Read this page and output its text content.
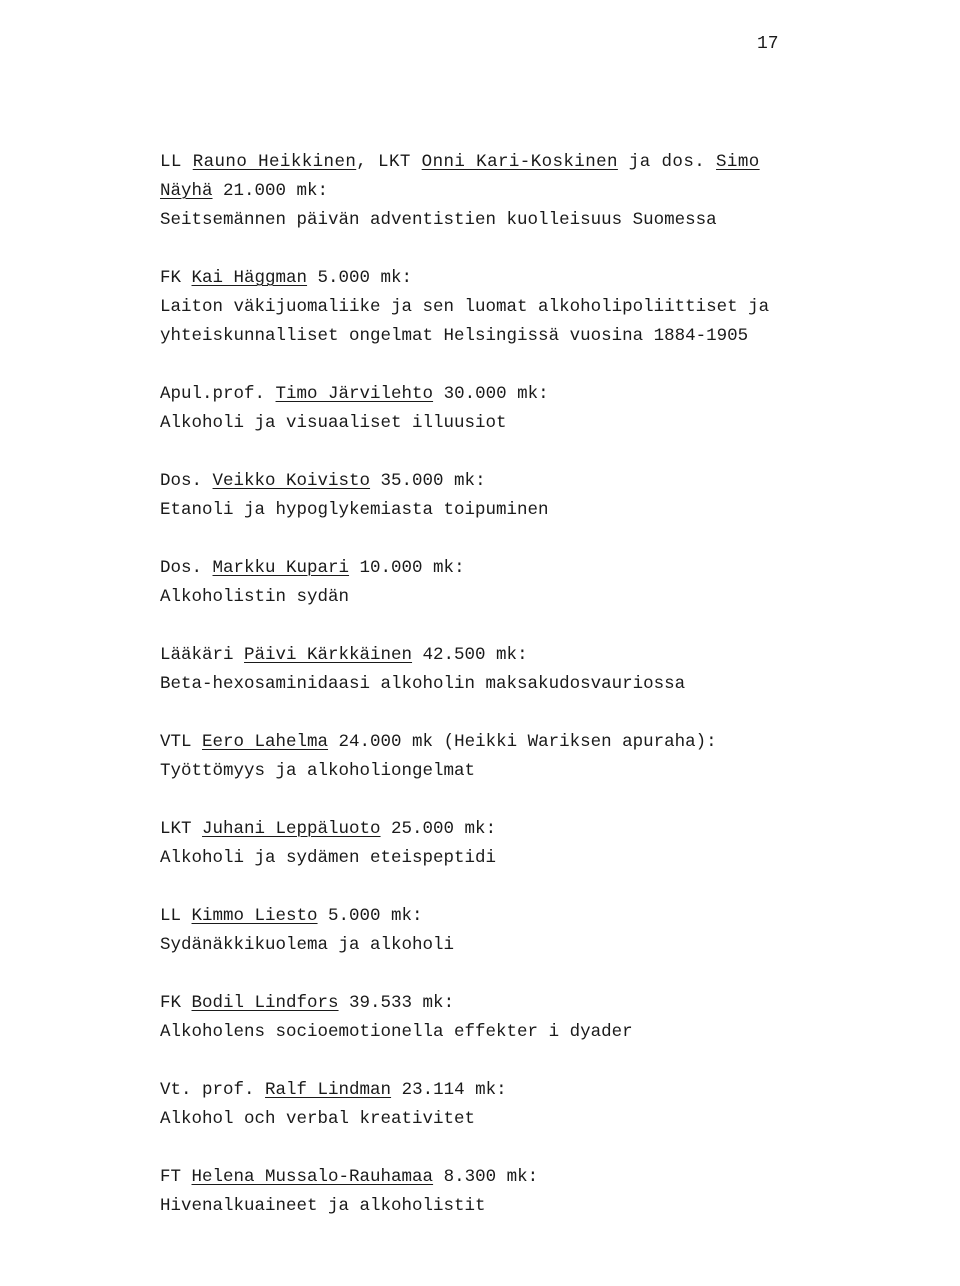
17
LL Rauno Heikkinen, LKT Onni Kari-Koskinen ja dos. Simo
Näyhä 21.000 mk:
Seitsemännen päivän adventistien kuolleisuus Suomessa
FK Kai Häggman 5.000 mk:
Laiton väkijuomaliike ja sen luomat alkoholipoliittiset ja
yhteiskunnalliset ongelmat Helsingissä vuosina 1884-1905
Apul.prof. Timo Järvilehto 30.000 mk:
Alkoholi ja visuaaliset illuusiot
Dos. Veikko Koivisto 35.000 mk:
Etanoli ja hypoglykemiasta toipuminen
Dos. Markku Kupari 10.000 mk:
Alkoholistin sydän
Lääkäri Päivi Kärkkäinen 42.500 mk:
Beta-hexosaminidaasi alkoholin maksakudosvauriossa
VTL Eero Lahelma 24.000 mk (Heikki Wariksen apuraha):
Työttömyys ja alkoholiongelmat
LKT Juhani Leppäluoto 25.000 mk:
Alkoholi ja sydämen eteispeptidi
LL Kimmo Liesto 5.000 mk:
Sydänäkkikuolema ja alkoholi
FK Bodil Lindfors 39.533 mk:
Alkoholens socioemotionella effekter i dyader
Vt. prof. Ralf Lindman 23.114 mk:
Alkohol och verbal kreativitet
FT Helena Mussalo-Rauhamaa 8.300 mk:
Hivenalkuaineet ja alkoholistit
